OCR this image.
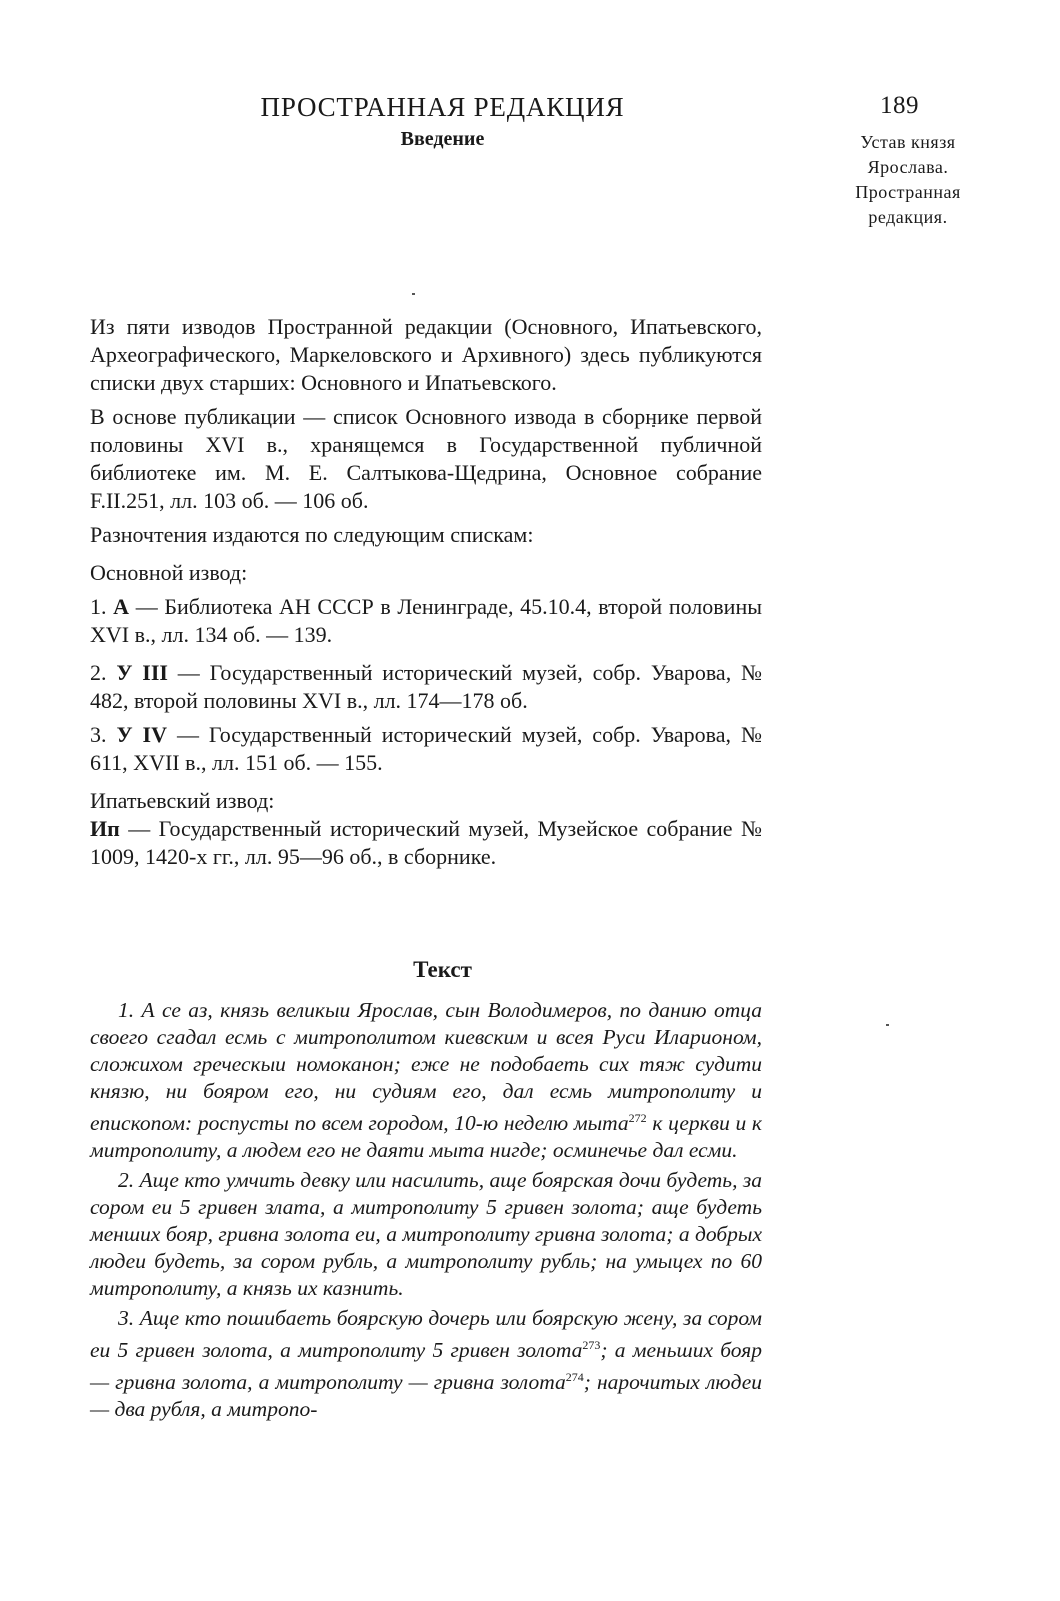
189
Устав князя
Ярослава.
Пространная
редакция.
ПРОСТРАННАЯ РЕДАКЦИЯ
Введение

Из пяти изводов Пространной редакции (Основного, Ипатьевского, Археографического, Маркеловского и Архивного) здесь публикуются списки двух старших: Основного и Ипатьевского.

В основе публикации — список Основного извода в сборнике первой половины XVI в., хранящемся в Государственной публичной библиотеке им. М. Е. Салтыкова-Щедрина, Основное собрание F.II.251, лл. 103 об. — 106 об.

Разночтения издаются по следующим спискам:

Основной извод:

1. А — Библиотека АН СССР в Ленинграде, 45.10.4, второй половины XVI в., лл. 134 об. — 139.

2. У III — Государственный исторический музей, собр. Уварова, № 482, второй половины XVI в., лл. 174—178 об.

3. У IV — Государственный исторический музей, собр. Уварова, № 611, XVII в., лл. 151 об. — 155.

Ипатьевский извод:

Ип — Государственный исторический музей, Музейское собрание № 1009, 1420-х гг., лл. 95—96 об., в сборнике.

Текст

1. А се аз, князь великыи Ярослав, сын Володимеров, по данию отца своего сгадал есмь с митрополитом киевским и всея Руси Иларионом, сложихом греческыи номоканон; еже не подобаеть сих тяж судити князю, ни бояром его, ни судиям его, дал есмь митрополиту и епископом: роспусты по всем городом, 10-ю неделю мыта$^{272}$ к церкви и к митрополиту, а людем его не даяти мыта нигде; осминечье дал есми.

2. Аще кто умчить девку или насилить, аще боярская дочи будеть, за сором еи 5 гривен злата, а митрополиту 5 гривен золота; аще будеть менших бояр, гривна золота еи, а митрополиту гривна золота; а добрых людеи будеть, за сором рубль, а митрополиту рубль; на умыцех по 60 митрополиту, а князь их казнить.

3. Аще кто пошибаеть боярскую дочерь или боярскую жену, за сором еи 5 гривен золота, а митрополиту 5 гривен золота$^{273}$; а меньших бояр — гривна золота, а митрополиту — гривна золота$^{274}$; нарочитых людеи — два рубля, а митропо-
